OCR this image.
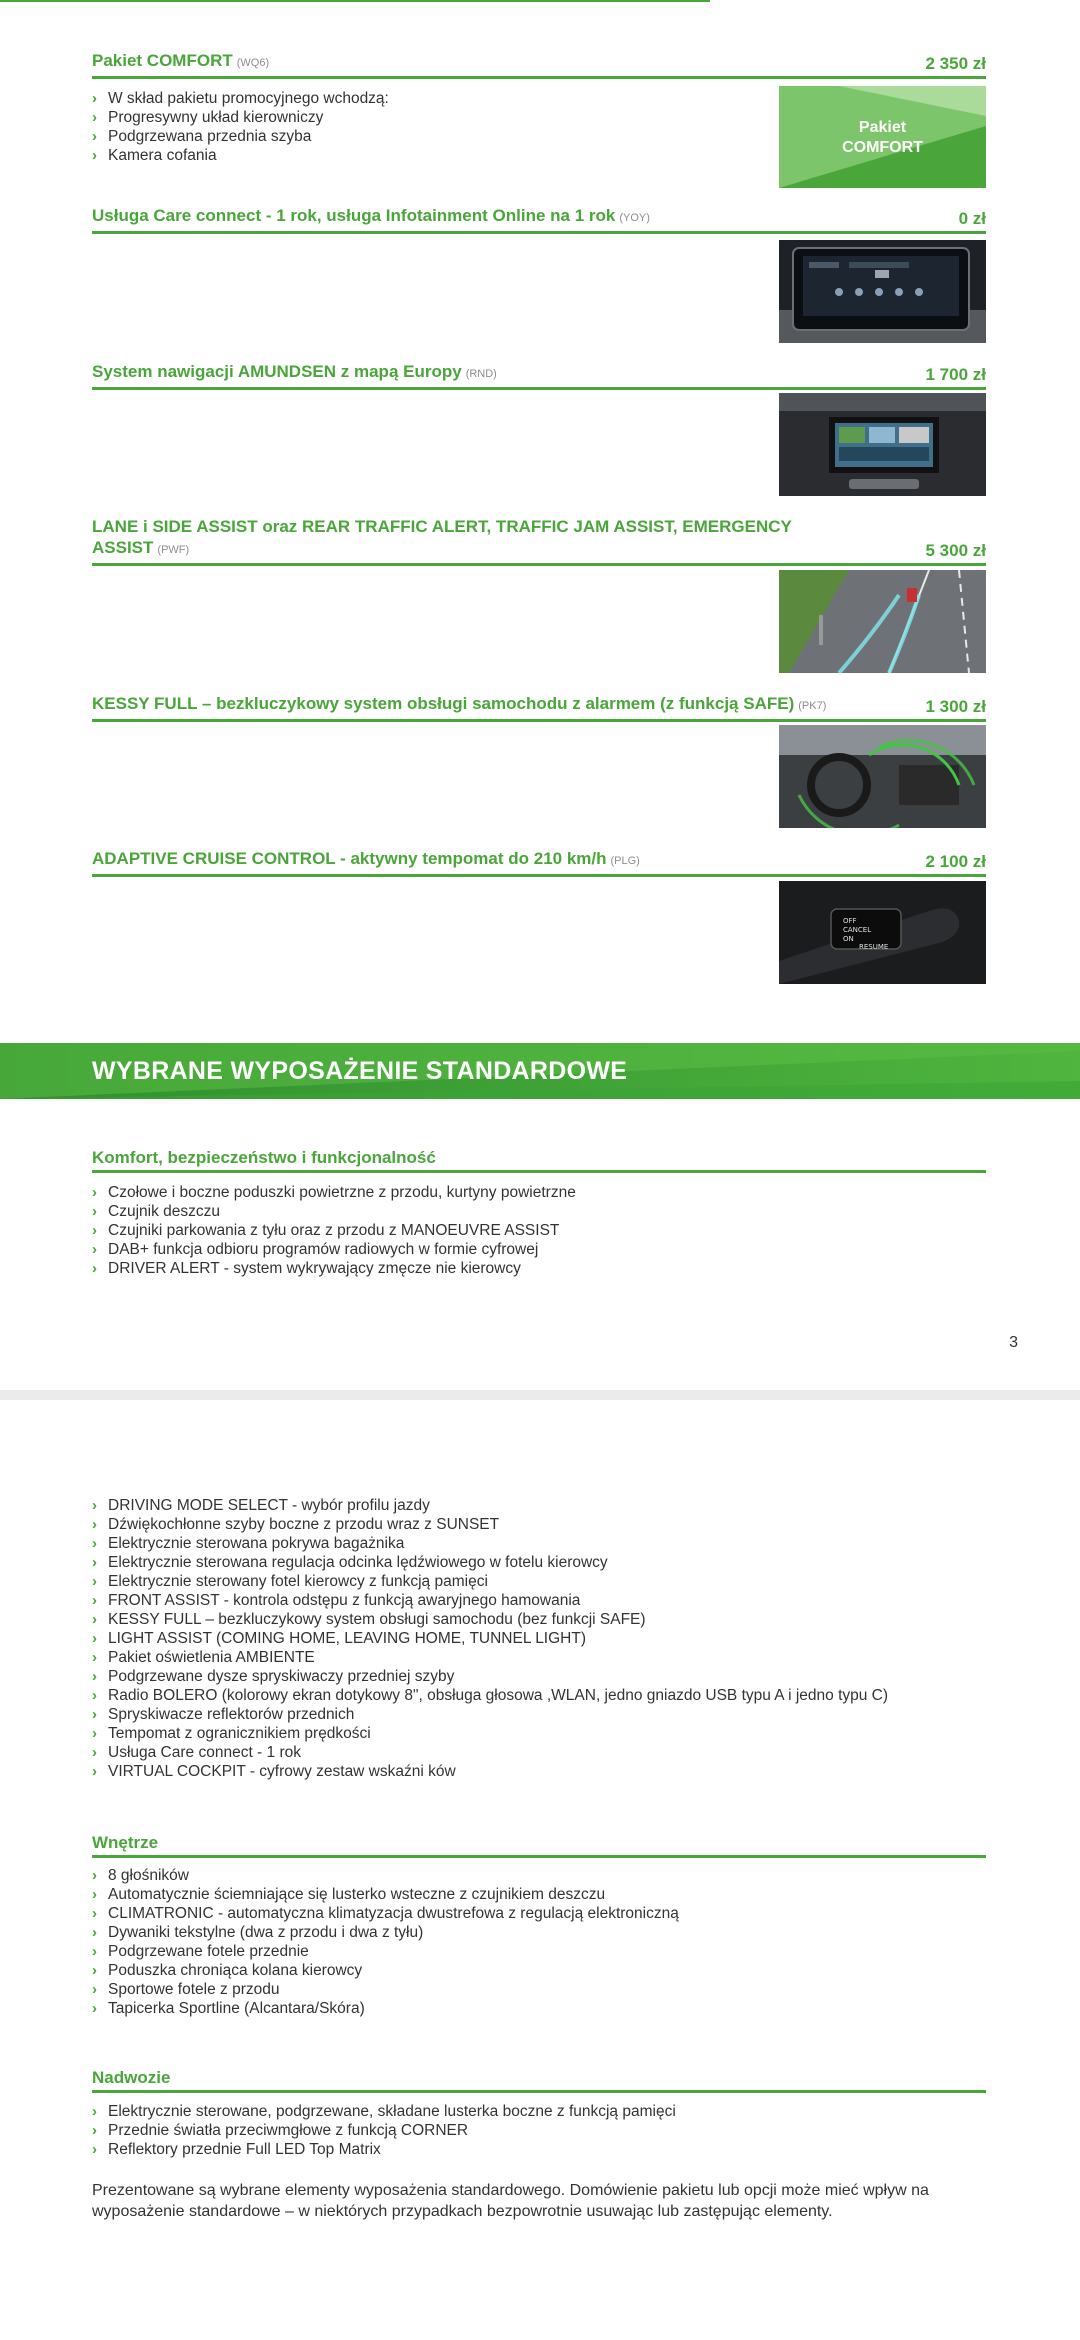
Pakiet COMFORT (WQ6)	2 350 zł
› W skład pakietu promocyjnego wchodzą:
› Progresywny układ kierowniczy
› Podgrzewana przednia szyba
› Kamera cofania
Pakiet
COMFORT
Usługa Care connect - 1 rok, usługa Infotainment Online na 1 rok (YOY)	0 zł
System nawigacji AMUNDSEN z mapą Europy (RND)	1 700 zł
LANE i SIDE ASSIST oraz REAR TRAFFIC ALERT, TRAFFIC JAM ASSIST, EMERGENCY ASSIST (PWF)	5 300 zł
KESSY FULL – bezkluczykowy system obsługi samochodu z alarmem (z funkcją SAFE) (PK7)	1 300 zł
ADAPTIVE CRUISE CONTROL - aktywny tempomat do 210 km/h (PLG)	2 100 zł
OFF
CANCEL
ON
RESUME
WYBRANE WYPOSAŻENIE STANDARDOWE
Komfort, bezpieczeństwo i funkcjonalność
› Czołowe i boczne poduszki powietrzne z przodu, kurtyny powietrzne
› Czujnik deszczu
› Czujniki parkowania z tyłu oraz z przodu z MANOEUVRE ASSIST
› DAB+ funkcja odbioru programów radiowych w formie cyfrowej
› DRIVER ALERT - system wykrywający zmęcze nie kierowcy
3
› DRIVING MODE SELECT - wybór profilu jazdy
› Dźwiękochłonne szyby boczne z przodu wraz z SUNSET
› Elektrycznie sterowana pokrywa bagażnika
› Elektrycznie sterowana regulacja odcinka lędźwiowego w fotelu kierowcy
› Elektrycznie sterowany fotel kierowcy z funkcją pamięci
› FRONT ASSIST - kontrola odstępu z funkcją awaryjnego hamowania
› KESSY FULL – bezkluczykowy system obsługi samochodu (bez funkcji SAFE)
› LIGHT ASSIST (COMING HOME, LEAVING HOME, TUNNEL LIGHT)
› Pakiet oświetlenia AMBIENTE
› Podgrzewane dysze spryskiwaczy przedniej szyby
› Radio BOLERO (kolorowy ekran dotykowy 8", obsługa głosowa ,WLAN, jedno gniazdo USB typu A i jedno typu C)
› Spryskiwacze reflektorów przednich
› Tempomat z ogranicznikiem prędkości
› Usługa Care connect - 1 rok
› VIRTUAL COCKPIT - cyfrowy zestaw wskaźni ków
Wnętrze
› 8 głośników
› Automatycznie ściemniające się lusterko wsteczne z czujnikiem deszczu
› CLIMATRONIC - automatyczna klimatyzacja dwustrefowa z regulacją elektroniczną
› Dywaniki tekstylne (dwa z przodu i dwa z tyłu)
› Podgrzewane fotele przednie
› Poduszka chroniąca kolana kierowcy
› Sportowe fotele z przodu
› Tapicerka Sportline (Alcantara/Skóra)
Nadwozie
› Elektrycznie sterowane, podgrzewane, składane lusterka boczne z funkcją pamięci
› Przednie światła przeciwmgłowe z funkcją CORNER
› Reflektory przednie Full LED Top Matrix
Prezentowane są wybrane elementy wyposażenia standardowego. Domówienie pakietu lub opcji może mieć wpływ na wyposażenie standardowe – w niektórych przypadkach bezpowrotnie usuwając lub zastępując elementy.
